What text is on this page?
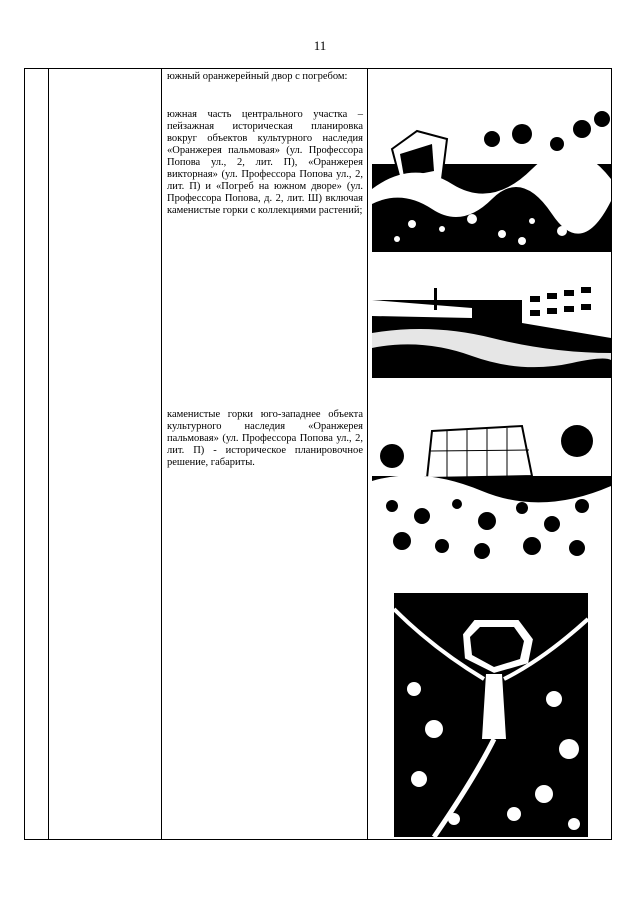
11
южный оранжерейный двор с погребом:
южная часть центрального участка – пейзажная историческая планировка вокруг объектов культурного наследия «Оранжерея пальмовая» (ул. Профессора Попова ул., 2, лит. П), «Оранжерея викторная» (ул. Профессора Попова ул., 2, лит. П) и «Погреб на южном дворе» (ул. Профессора Попова, д. 2, лит. Ш) включая каменистые горки с коллекциями растений;
каменистые горки юго-западнее объекта культурного наследия «Оранжерея пальмовая» (ул. Профессора Попова ул., 2, лит. П) - историческое планировочное решение, габариты.
